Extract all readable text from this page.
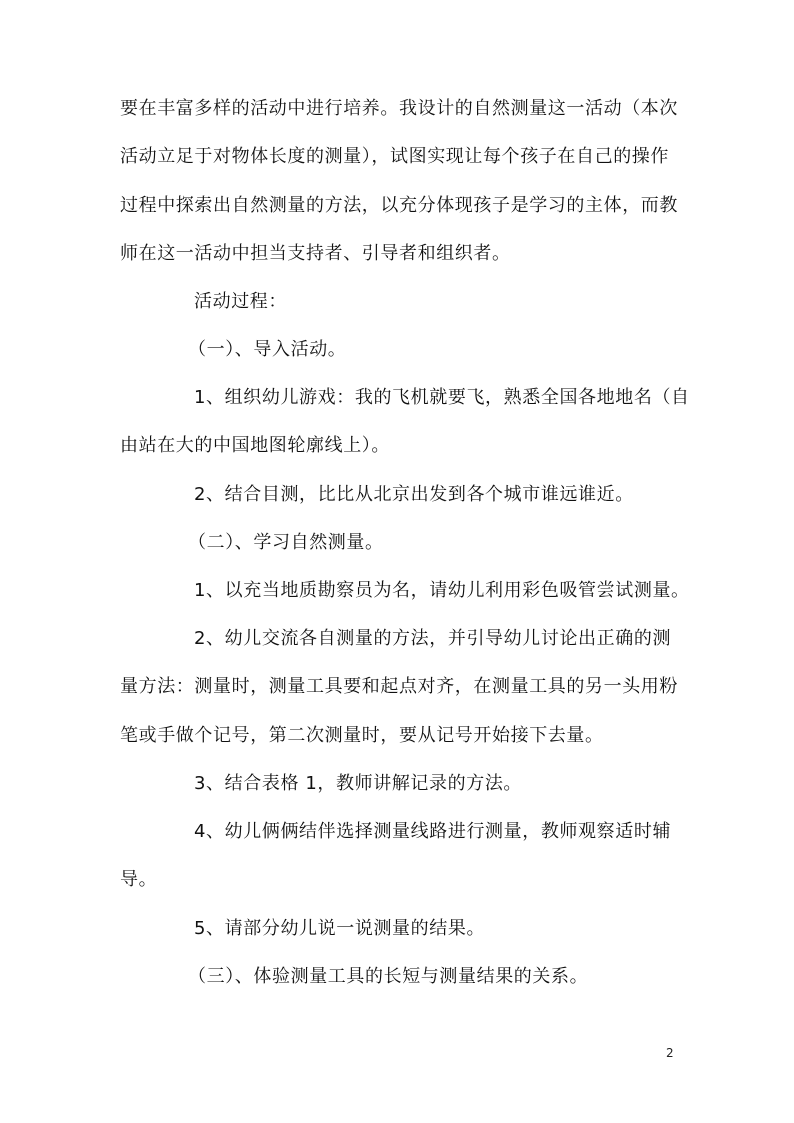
要在丰富多样的活动中进行培养。我设计的自然测量这一活动（本次
活动立足于对物体长度的测量），试图实现让每个孩子在自己的操作
过程中探索出自然测量的方法，以充分体现孩子是学习的主体，而教
师在这一活动中担当支持者、引导者和组织者。
活动过程：
（一）、导入活动。
1、组织幼儿游戏：我的飞机就要飞，熟悉全国各地地名（自
由站在大的中国地图轮廓线上）。
2、结合目测，比比从北京出发到各个城市谁远谁近。
（二）、学习自然测量。
1、以充当地质勘察员为名，请幼儿利用彩色吸管尝试测量。
2、幼儿交流各自测量的方法，并引导幼儿讨论出正确的测
量方法：测量时，测量工具要和起点对齐，在测量工具的另一头用粉
笔或手做个记号，第二次测量时，要从记号开始接下去量。
3、结合表格 1，教师讲解记录的方法。
4、幼儿俩俩结伴选择测量线路进行测量，教师观察适时辅
导。
5、请部分幼儿说一说测量的结果。
（三）、体验测量工具的长短与测量结果的关系。
2
